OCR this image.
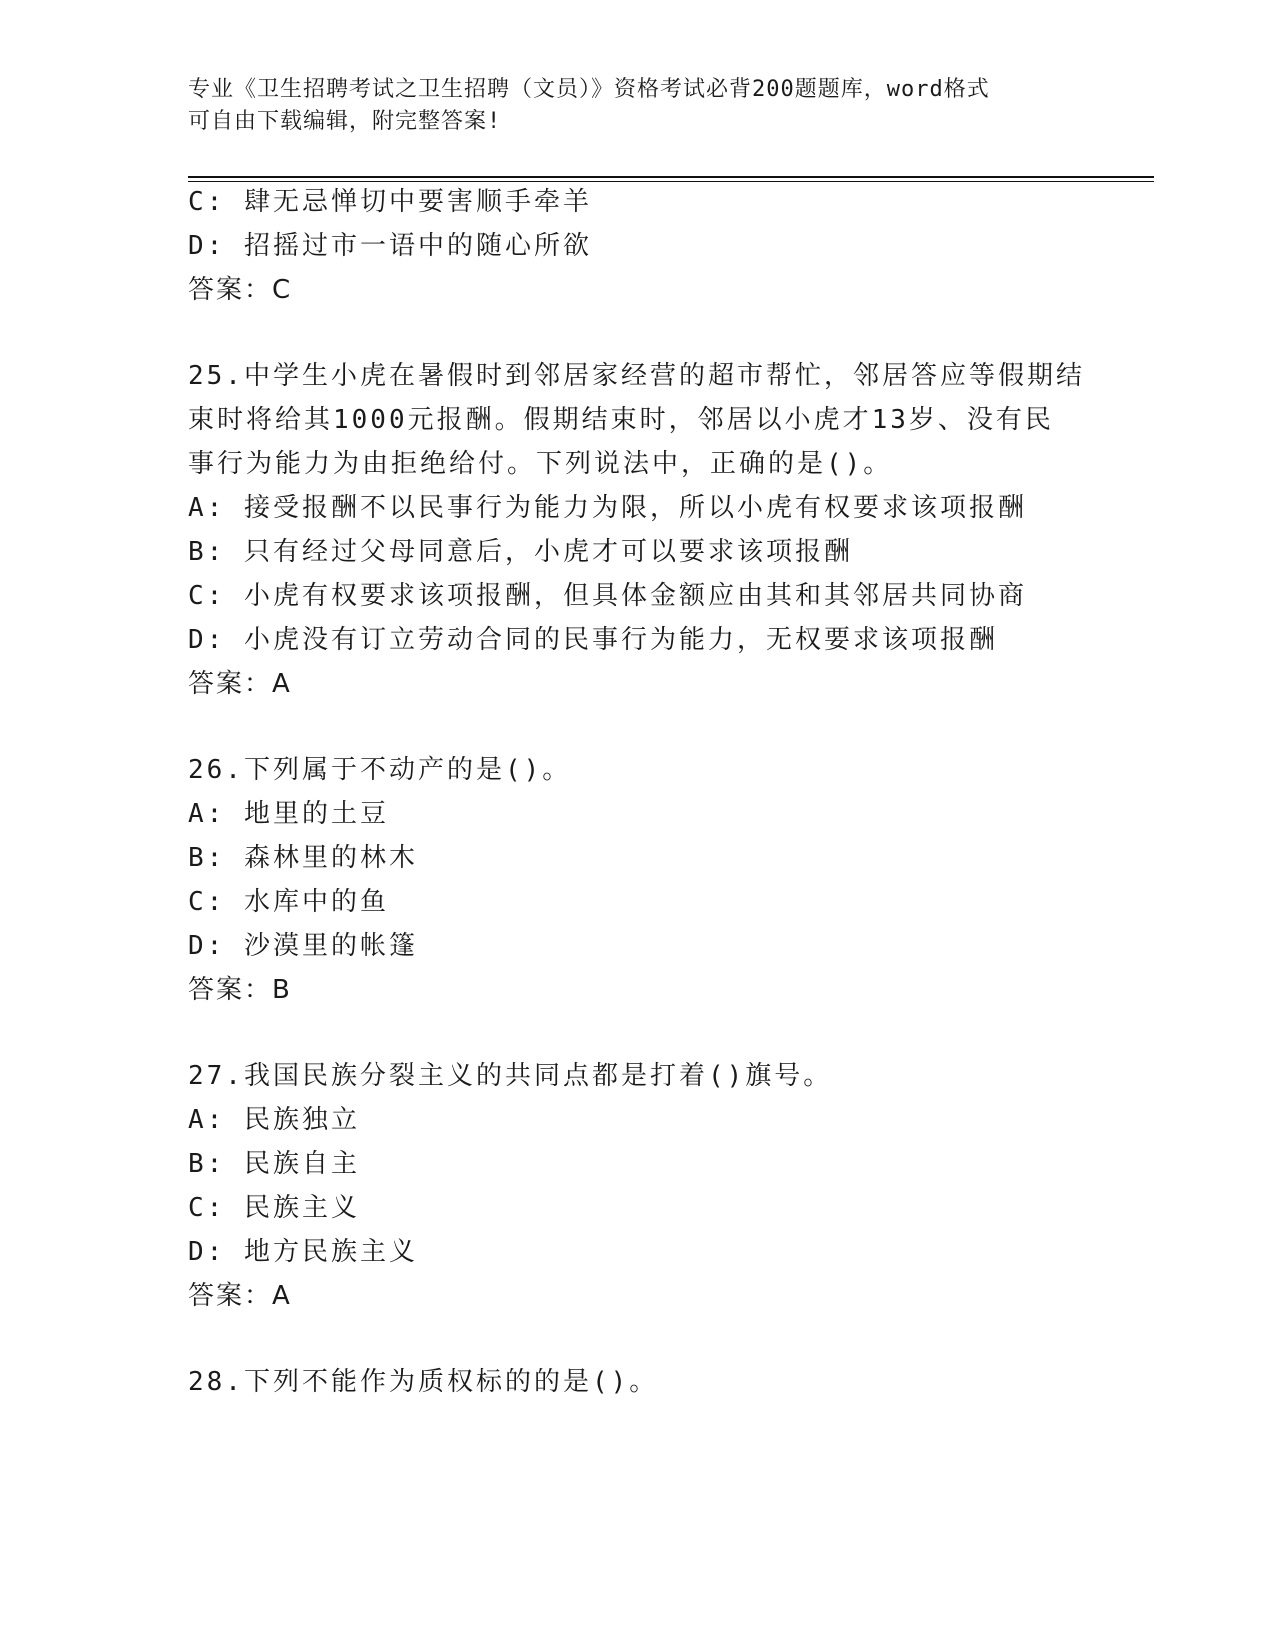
专业《卫生招聘考试之卫生招聘（文员）》资格考试必背200题题库，word格式
可自由下载编辑，附完整答案!
C: 肆无忌惮切中要害顺手牵羊
D: 招摇过市一语中的随心所欲
答案：C
25.中学生小虎在暑假时到邻居家经营的超市帮忙，邻居答应等假期结
束时将给其1000元报酬。假期结束时，邻居以小虎才13岁、没有民
事行为能力为由拒绝给付。下列说法中，正确的是()。
A: 接受报酬不以民事行为能力为限，所以小虎有权要求该项报酬
B: 只有经过父母同意后，小虎才可以要求该项报酬
C: 小虎有权要求该项报酬，但具体金额应由其和其邻居共同协商
D: 小虎没有订立劳动合同的民事行为能力，无权要求该项报酬
答案：A
26.下列属于不动产的是()。
A: 地里的土豆
B: 森林里的林木
C: 水库中的鱼
D: 沙漠里的帐篷
答案：B
27.我国民族分裂主义的共同点都是打着()旗号。
A: 民族独立
B: 民族自主
C: 民族主义
D: 地方民族主义
答案：A
28.下列不能作为质权标的的是()。
